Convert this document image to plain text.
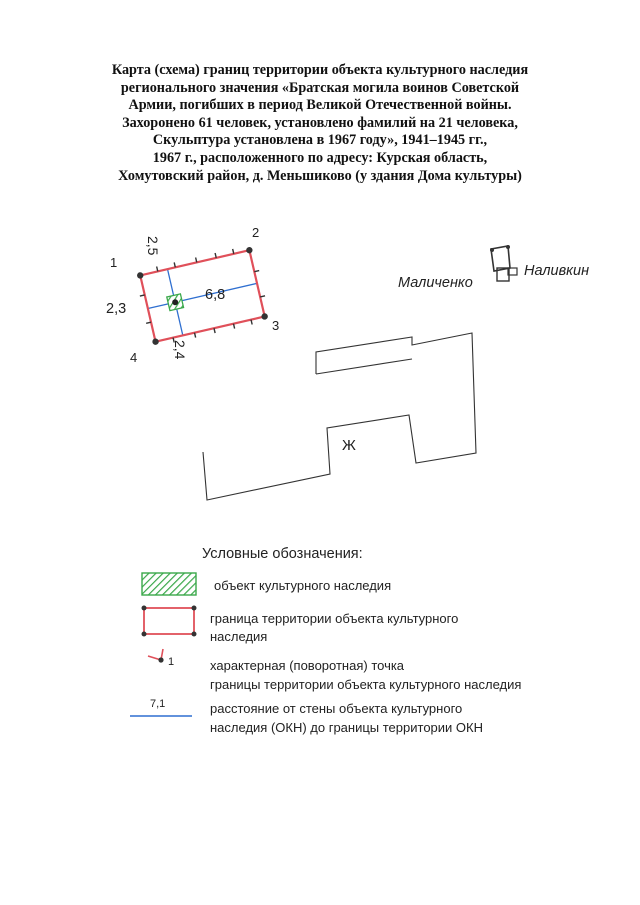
Карта (схема) границ территории объекта культурного наследия
регионального значения «Братская могила воинов Советской
Армии, погибших в период Великой Отечественной войны.
Захоронено 61 человек, установлено фамилий на 21 человека,
Скульптура установлена в 1967 году», 1941–1945 гг.,
1967 г., расположенного по адресу: Курская область,
Хомутовский район, д. Меньшиково (у здания Дома культуры)
Ж
Маличенко
Наливкин
1
2
3
4
2,5
6,8
2,3
2,4
1
7,1
Условные обозначения:
объект культурного наследия
граница территории объекта культурного
наследия
характерная (поворотная) точка
границы территории объекта культурного наследия
расстояние от стены объекта культурного
наследия (ОКН) до границы территории ОКН
